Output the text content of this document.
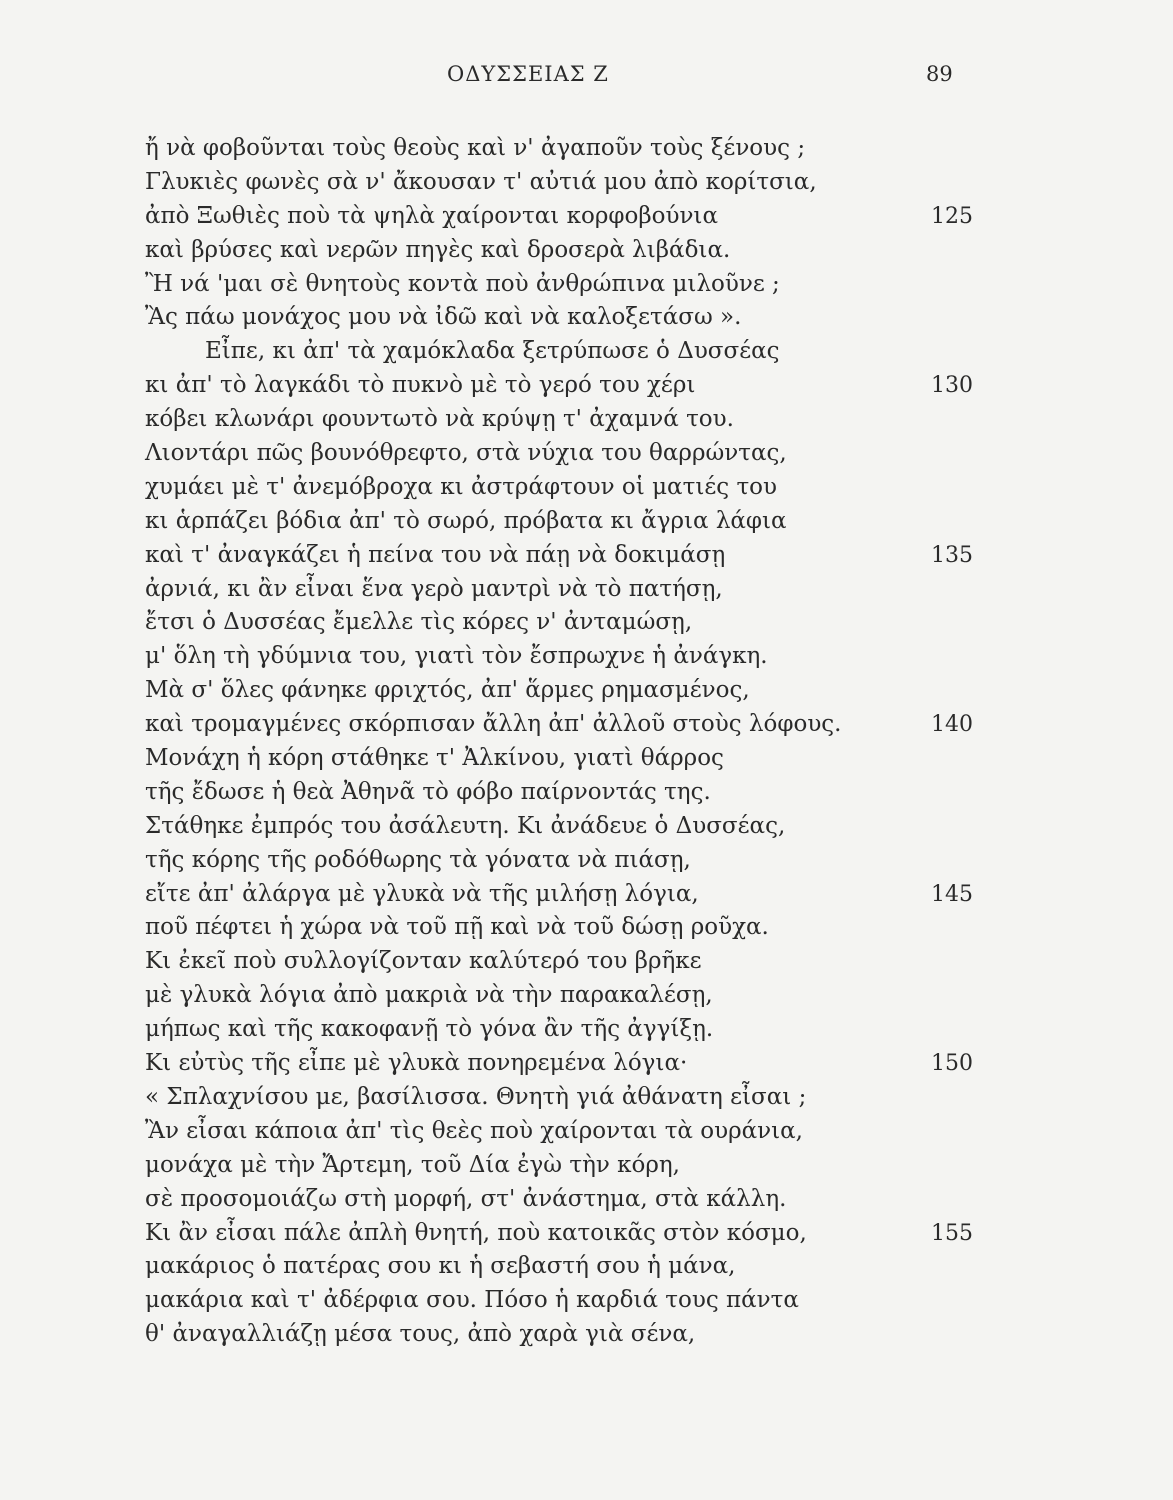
ΟΔΥΣΣΕΙΑΣ Ζ	89
ἤ νὰ φοβοῦνται τοὺς θεοὺς καὶ ν' ἀγαποῦν τοὺς ξένους ;
Γλυκιὲς φωνὲς σὰ ν' ἄκουσαν τ' αὐτιά μου ἀπὸ κορίτσια,
ἀπὸ Ξωθιὲς ποὺ τὰ ψηλὰ χαίρονται κορφοβούνια	125
καὶ βρύσες καὶ νερῶν πηγὲς καὶ δροσερὰ λιβάδια.
Ἢ νά 'μαι σὲ θνητοὺς κοντὰ ποὺ ἀνθρώπινα μιλοῦνε ;
Ἂς πάω μονάχος μου νὰ ἰδῶ καὶ νὰ καλοξετάσω ».
Εἶπε, κι ἀπ' τὰ χαμόκλαδα ξετρύπωσε ὁ Δυσσέας
κι ἀπ' τὸ λαγκάδι τὸ πυκνὸ μὲ τὸ γερό του χέρι	130
κόβει κλωνάρι φουντωτὸ νὰ κρύψῃ τ' ἀχαμνά του.
Λιοντάρι πῶς βουνόθρεφτο, στὰ νύχια του θαρρώντας,
χυμάει μὲ τ' ἀνεμόβροχα κι ἀστράφτουν οἱ ματιές του
κι ἁρπάζει βόδια ἀπ' τὸ σωρό, πρόβατα κι ἄγρια λάφια
καὶ τ' ἀναγκάζει ἡ πείνα του νὰ πάῃ νὰ δοκιμάσῃ	135
ἀρνιά, κι ἂν εἶναι ἕνα γερὸ μαντρὶ νὰ τὸ πατήσῃ,
ἔτσι ὁ Δυσσέας ἔμελλε τὶς κόρες ν' ἀνταμώσῃ,
μ' ὅλη τὴ γδύμνια του, γιατὶ τὸν ἔσπρωχνε ἡ ἀνάγκη.
Μὰ σ' ὅλες φάνηκε φριχτός, ἀπ' ἅρμες ρημασμένος,
καὶ τρομαγμένες σκόρπισαν ἄλλη ἀπ' ἀλλοῦ στοὺς λόφους.	140
Μονάχη ἡ κόρη στάθηκε τ' Ἀλκίνου, γιατὶ θάρρος
τῆς ἔδωσε ἡ θεὰ Ἀθηνᾶ τὸ φόβο παίρνοντάς της.
Στάθηκε ἐμπρός του ἀσάλευτη. Κι ἀνάδευε ὁ Δυσσέας,
τῆς κόρης τῆς ροδόθωρης τὰ γόνατα νὰ πιάσῃ,
εἴτε ἀπ' ἀλάργα μὲ γλυκὰ νὰ τῆς μιλήσῃ λόγια,	145
ποῦ πέφτει ἡ χώρα νὰ τοῦ πῇ καὶ νὰ τοῦ δώσῃ ροῦχα.
Κι ἐκεῖ ποὺ συλλογίζονταν καλύτερό του βρῆκε
μὲ γλυκὰ λόγια ἀπὸ μακριὰ νὰ τὴν παρακαλέσῃ,
μήπως καὶ τῆς κακοφανῇ τὸ γόνα ἂν τῆς ἀγγίξῃ.
Κι εὐτὺς τῆς εἶπε μὲ γλυκὰ πονηρεμένα λόγια·	150
« Σπλαχνίσου με, βασίλισσα. Θνητὴ γιά ἀθάνατη εἶσαι ;
Ἂν εἶσαι κάποια ἀπ' τὶς θεὲς ποὺ χαίρονται τὰ ουράνια,
μονάχα μὲ τὴν Ἄρτεμη, τοῦ Δία ἐγὼ τὴν κόρη,
σὲ προσομοιάζω στὴ μορφή, στ' ἀνάστημα, στὰ κάλλη.
Κι ἂν εἶσαι πάλε ἀπλὴ θνητή, ποὺ κατοικᾶς στὸν κόσμο,	155
μακάριος ὁ πατέρας σου κι ἡ σεβαστή σου ἡ μάνα,
μακάρια καὶ τ' ἀδέρφια σου. Πόσο ἡ καρδιά τους πάντα
θ' ἀναγαλλιάζῃ μέσα τους, ἀπὸ χαρὰ γιὰ σένα,
